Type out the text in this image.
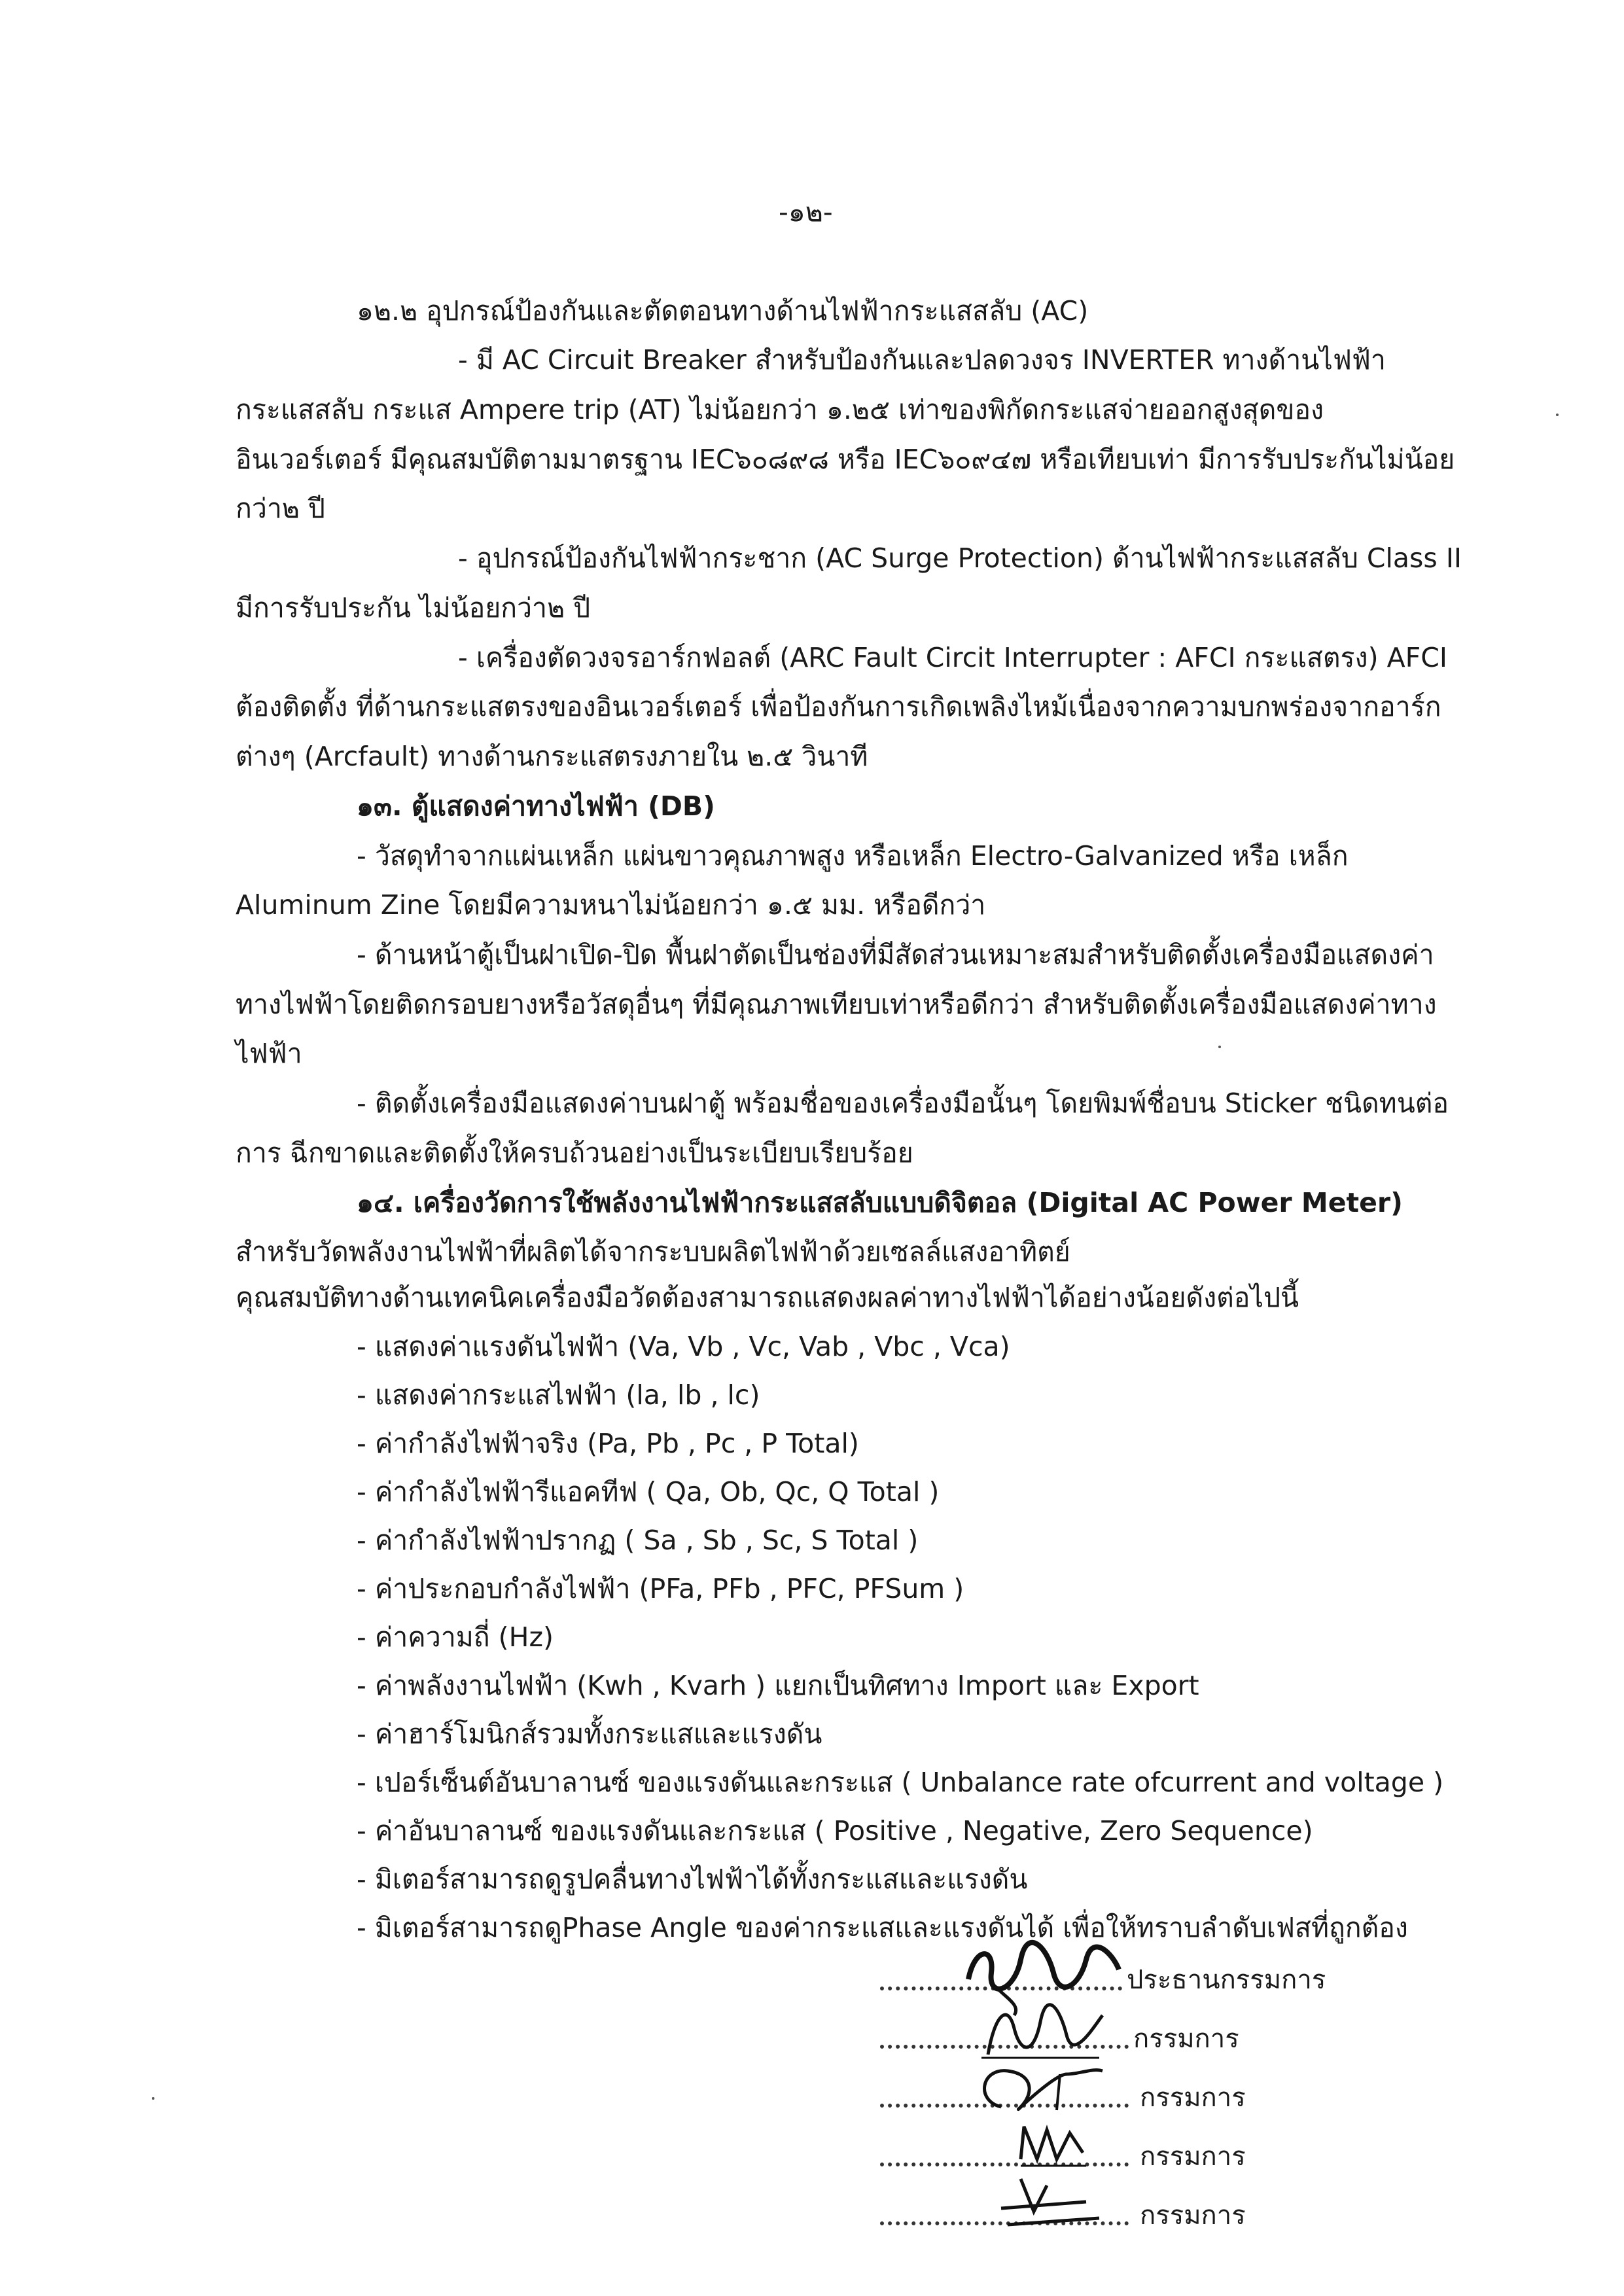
-๑๒-
๑๒.๒ อุปกรณ์ป้องกันและตัดตอนทางด้านไฟฟ้ากระแสสลับ (AC)
- มี AC Circuit Breaker สำหรับป้องกันและปลดวงจร INVERTER ทางด้านไฟฟ้า
กระแสสลับ กระแส Ampere trip (AT) ไม่น้อยกว่า ๑.๒๕ เท่าของพิกัดกระแสจ่ายออกสูงสุดของ
อินเวอร์เตอร์ มีคุณสมบัติตามมาตรฐาน IEC๖๐๘๙๘ หรือ IEC๖๐๙๔๗ หรือเทียบเท่า มีการรับประกันไม่น้อย
กว่า๒ ปี
- อุปกรณ์ป้องกันไฟฟ้ากระชาก (AC Surge Protection) ด้านไฟฟ้ากระแสสลับ Class II
มีการรับประกัน ไม่น้อยกว่า๒ ปี
- เครื่องตัดวงจรอาร์กฟอลต์ (ARC Fault Circit Interrupter : AFCI กระแสตรง) AFCI
ต้องติดตั้ง ที่ด้านกระแสตรงของอินเวอร์เตอร์ เพื่อป้องกันการเกิดเพลิงไหม้เนื่องจากความบกพร่องจากอาร์ก
ต่างๆ (Arcfault) ทางด้านกระแสตรงภายใน ๒.๕ วินาที
๑๓. ตู้แสดงค่าทางไฟฟ้า (DB)
- วัสดุทำจากแผ่นเหล็ก แผ่นขาวคุณภาพสูง หรือเหล็ก Electro-Galvanized หรือ เหล็ก
Aluminum Zine โดยมีความหนาไม่น้อยกว่า ๑.๕ มม. หรือดีกว่า
- ด้านหน้าตู้เป็นฝาเปิด-ปิด พื้นฝาตัดเป็นช่องที่มีสัดส่วนเหมาะสมสำหรับติดตั้งเครื่องมือแสดงค่า
ทางไฟฟ้าโดยติดกรอบยางหรือวัสดุอื่นๆ ที่มีคุณภาพเทียบเท่าหรือดีกว่า สำหรับติดตั้งเครื่องมือแสดงค่าทาง
ไฟฟ้า
- ติดตั้งเครื่องมือแสดงค่าบนฝาตู้ พร้อมชื่อของเครื่องมือนั้นๆ โดยพิมพ์ชื่อบน Sticker ชนิดทนต่อ
การ ฉีกขาดและติดตั้งให้ครบถ้วนอย่างเป็นระเบียบเรียบร้อย
๑๔. เครื่องวัดการใช้พลังงานไฟฟ้ากระแสสลับแบบดิจิตอล (Digital AC Power Meter)
สำหรับวัดพลังงานไฟฟ้าที่ผลิตได้จากระบบผลิตไฟฟ้าด้วยเซลล์แสงอาทิตย์
คุณสมบัติทางด้านเทคนิคเครื่องมือวัดต้องสามารถแสดงผลค่าทางไฟฟ้าได้อย่างน้อยดังต่อไปนี้
- แสดงค่าแรงดันไฟฟ้า (Va, Vb , Vc, Vab , Vbc , Vca)
- แสดงค่ากระแสไฟฟ้า (la, lb , lc)
- ค่ากำลังไฟฟ้าจริง (Pa, Pb , Pc , P Total)
- ค่ากำลังไฟฟ้ารีแอคทีฟ ( Qa, Ob, Qc, Q Total )
- ค่ากำลังไฟฟ้าปรากฏ ( Sa , Sb , Sc, S Total )
- ค่าประกอบกำลังไฟฟ้า (PFa, PFb , PFC, PFSum )
- ค่าความถี่ (Hz)
- ค่าพลังงานไฟฟ้า (Kwh , Kvarh ) แยกเป็นทิศทาง Import และ Export
- ค่าฮาร์โมนิกส์รวมทั้งกระแสและแรงดัน
- เปอร์เซ็นต์อันบาลานซ์ ของแรงดันและกระแส ( Unbalance rate ofcurrent and voltage )
- ค่าอันบาลานซ์ ของแรงดันและกระแส ( Positive , Negative, Zero Sequence)
- มิเตอร์สามารถดูรูปคลื่นทางไฟฟ้าได้ทั้งกระแสและแรงดัน
- มิเตอร์สามารถดูPhase Angle ของค่ากระแสและแรงดันได้ เพื่อให้ทราบลำดับเฟสที่ถูกต้อง
ประธานกรรมการ
กรรมการ
กรรมการ
กรรมการ
กรรมการ
